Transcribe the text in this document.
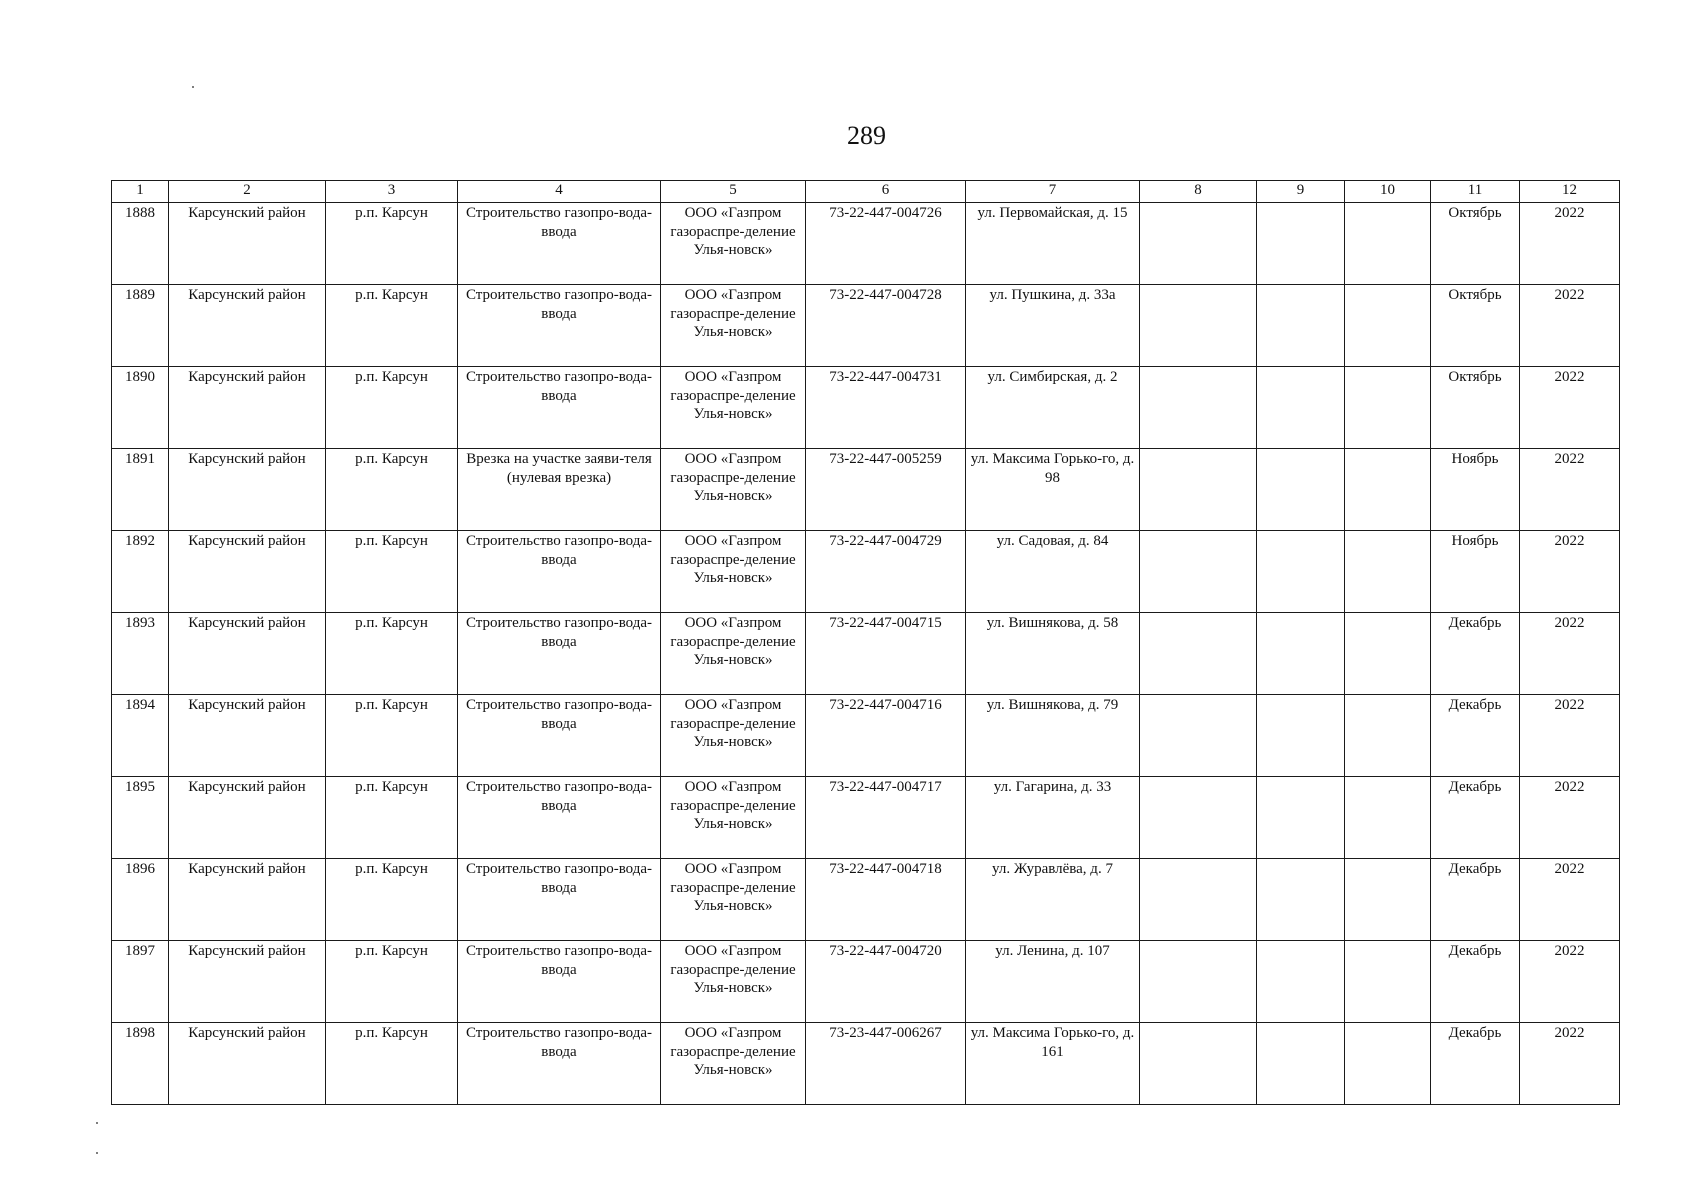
289
1	2	3	4	5	6	7	8	9	10	11	12
1888	Карсунский район	р.п. Карсун	Строительство газопро-вода-ввода	ООО «Газпром газораспре-деление Улья-новск»	73-22-447-004726	ул. Первомайская, д. 15				Октябрь	2022
1889	Карсунский район	р.п. Карсун	Строительство газопро-вода-ввода	ООО «Газпром газораспре-деление Улья-новск»	73-22-447-004728	ул. Пушкина, д. 33а				Октябрь	2022
1890	Карсунский район	р.п. Карсун	Строительство газопро-вода-ввода	ООО «Газпром газораспре-деление Улья-новск»	73-22-447-004731	ул. Симбирская, д. 2				Октябрь	2022
1891	Карсунский район	р.п. Карсун	Врезка на участке заяви-теля (нулевая врезка)	ООО «Газпром газораспре-деление Улья-новск»	73-22-447-005259	ул. Максима Горько-го, д. 98				Ноябрь	2022
1892	Карсунский район	р.п. Карсун	Строительство газопро-вода-ввода	ООО «Газпром газораспре-деление Улья-новск»	73-22-447-004729	ул. Садовая, д. 84				Ноябрь	2022
1893	Карсунский район	р.п. Карсун	Строительство газопро-вода-ввода	ООО «Газпром газораспре-деление Улья-новск»	73-22-447-004715	ул. Вишнякова, д. 58				Декабрь	2022
1894	Карсунский район	р.п. Карсун	Строительство газопро-вода-ввода	ООО «Газпром газораспре-деление Улья-новск»	73-22-447-004716	ул. Вишнякова, д. 79				Декабрь	2022
1895	Карсунский район	р.п. Карсун	Строительство газопро-вода-ввода	ООО «Газпром газораспре-деление Улья-новск»	73-22-447-004717	ул. Гагарина, д. 33				Декабрь	2022
1896	Карсунский район	р.п. Карсун	Строительство газопро-вода-ввода	ООО «Газпром газораспре-деление Улья-новск»	73-22-447-004718	ул. Журавлёва, д. 7				Декабрь	2022
1897	Карсунский район	р.п. Карсун	Строительство газопро-вода-ввода	ООО «Газпром газораспре-деление Улья-новск»	73-22-447-004720	ул. Ленина, д. 107				Декабрь	2022
1898	Карсунский район	р.п. Карсун	Строительство газопро-вода-ввода	ООО «Газпром газораспре-деление Улья-новск»	73-23-447-006267	ул. Максима Горько-го, д. 161				Декабрь	2022
